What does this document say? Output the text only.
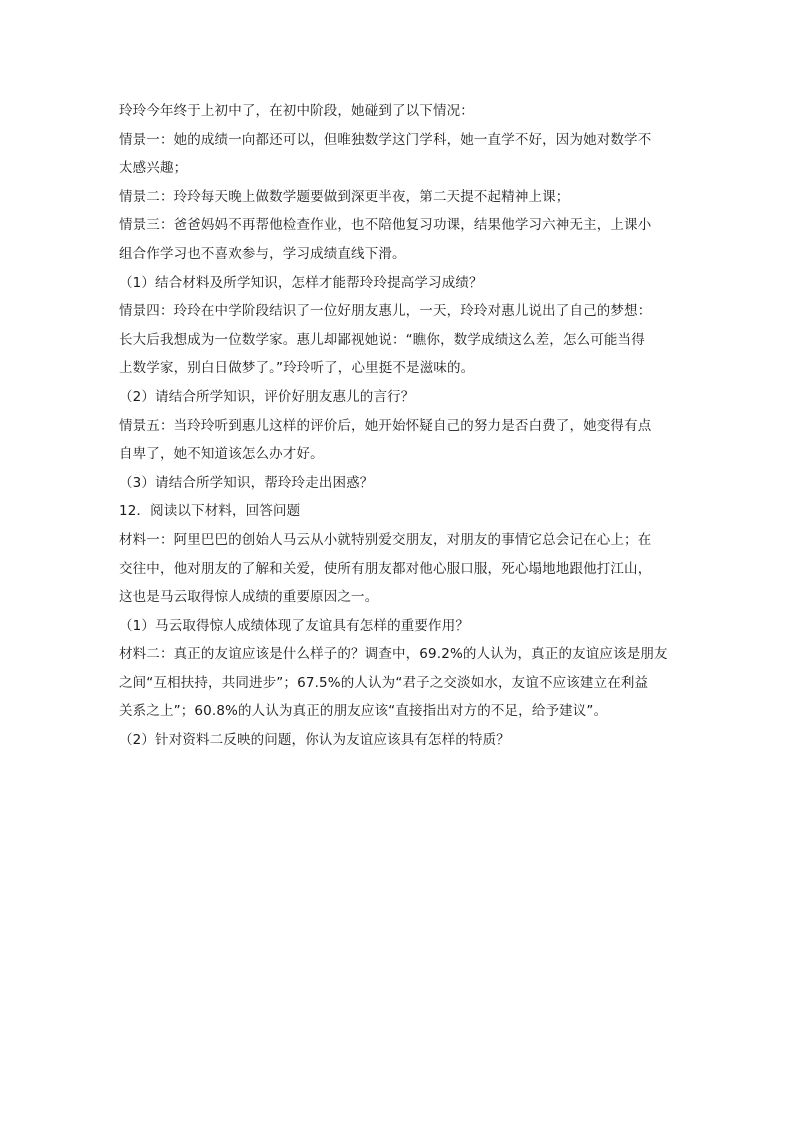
玲玲今年终于上初中了，在初中阶段，她碰到了以下情况：
情景一：她的成绩一向都还可以，但唯独数学这门学科，她一直学不好，因为她对数学不
太感兴趣；
情景二：玲玲每天晚上做数学题要做到深更半夜，第二天提不起精神上课；
情景三：爸爸妈妈不再帮他检查作业，也不陪他复习功课，结果他学习六神无主，上课小
组合作学习也不喜欢参与，学习成绩直线下滑。
（1）结合材料及所学知识，怎样才能帮玲玲提高学习成绩？
情景四：玲玲在中学阶段结识了一位好朋友惠儿，一天，玲玲对惠儿说出了自己的梦想：
长大后我想成为一位数学家。惠儿却鄙视她说：“瞧你，数学成绩这么差，怎么可能当得
上数学家，别白日做梦了。”玲玲听了，心里挺不是滋味的。
（2）请结合所学知识，评价好朋友惠儿的言行？
情景五：当玲玲听到惠儿这样的评价后，她开始怀疑自己的努力是否白费了，她变得有点
自卑了，她不知道该怎么办才好。
（3）请结合所学知识，帮玲玲走出困惑？
12．阅读以下材料，回答问题
材料一：阿里巴巴的创始人马云从小就特别爱交朋友，对朋友的事情它总会记在心上；在
交往中，他对朋友的了解和关爱，使所有朋友都对他心服口服，死心塌地地跟他打江山，
这也是马云取得惊人成绩的重要原因之一。
（1）马云取得惊人成绩体现了友谊具有怎样的重要作用？
材料二：真正的友谊应该是什么样子的？调查中，69.2%的人认为，真正的友谊应该是朋友
之间“互相扶持，共同进步”；67.5%的人认为“君子之交淡如水，友谊不应该建立在利益
关系之上”；60.8%的人认为真正的朋友应该“直接指出对方的不足，给予建议”。
（2）针对资料二反映的问题，你认为友谊应该具有怎样的特质？
